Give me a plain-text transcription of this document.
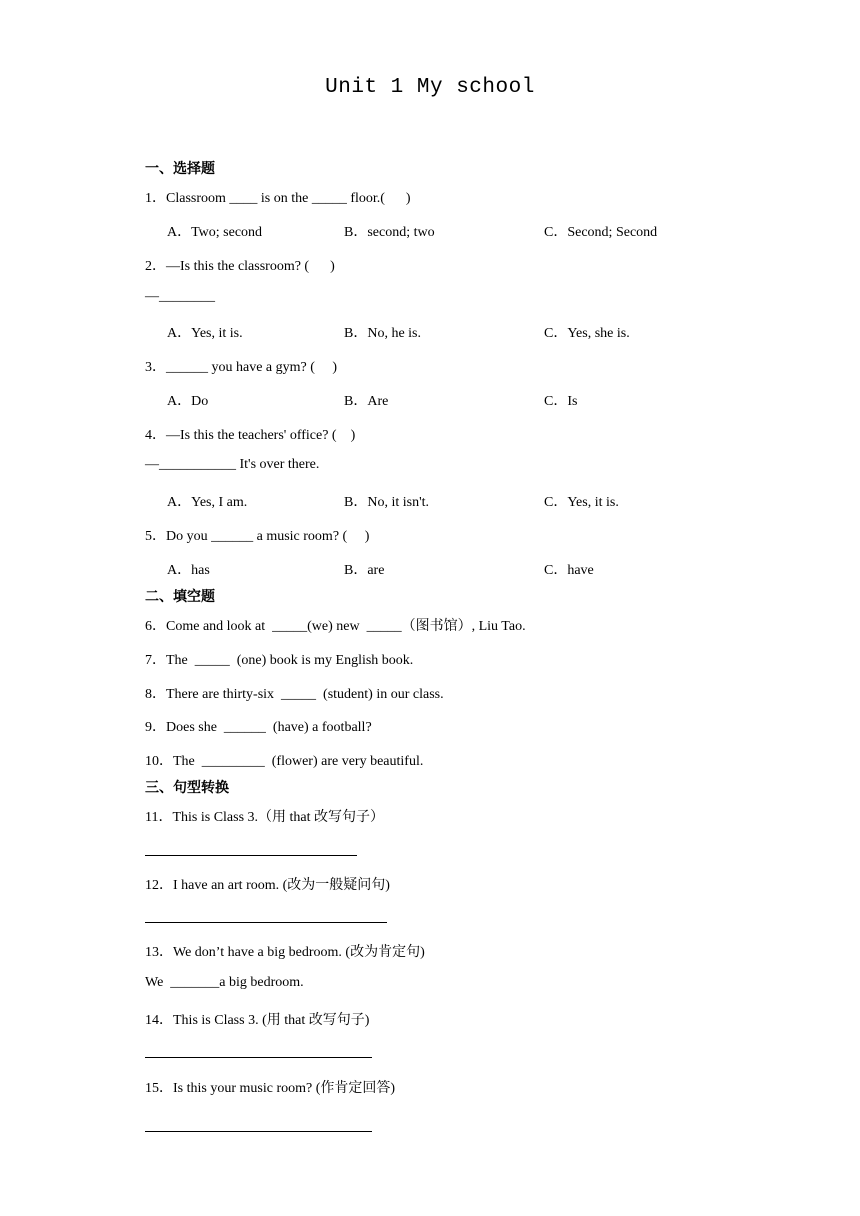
Unit 1 My school
一、选择题
1．Classroom ____ is on the _____ floor.(      )
A．Two; second	B．second; two	C．Second; Second
2．—Is this the classroom? (      )
—________
A．Yes, it is.	B．No, he is.	C．Yes, she is.
3．______ you have a gym? (     )
A．Do	B．Are	C．Is
4．—Is this the teachers' office? (    )
—___________ It's over there.
A．Yes, I am.	B．No, it isn't.	C．Yes, it is.
5．Do you ______ a music room? (     )
A．has	B．are	C．have
二、填空题
6．Come and look at  _____(we) new  _____（图书馆）, Liu Tao.
7．The  _____  (one) book is my English book.
8．There are thirty-six  _____  (student) in our class.
9．Does she  ______  (have) a football?
10．The  _________  (flower) are very beautiful.
三、句型转换
11．This is Class 3.（用 that 改写句子）
12．I have an art room. (改为一般疑问句)
13．We don’t have a big bedroom. (改为肯定句)
We  _______a big bedroom.
14．This is Class 3. (用 that 改写句子)
15．Is this your music room? (作肯定回答)
